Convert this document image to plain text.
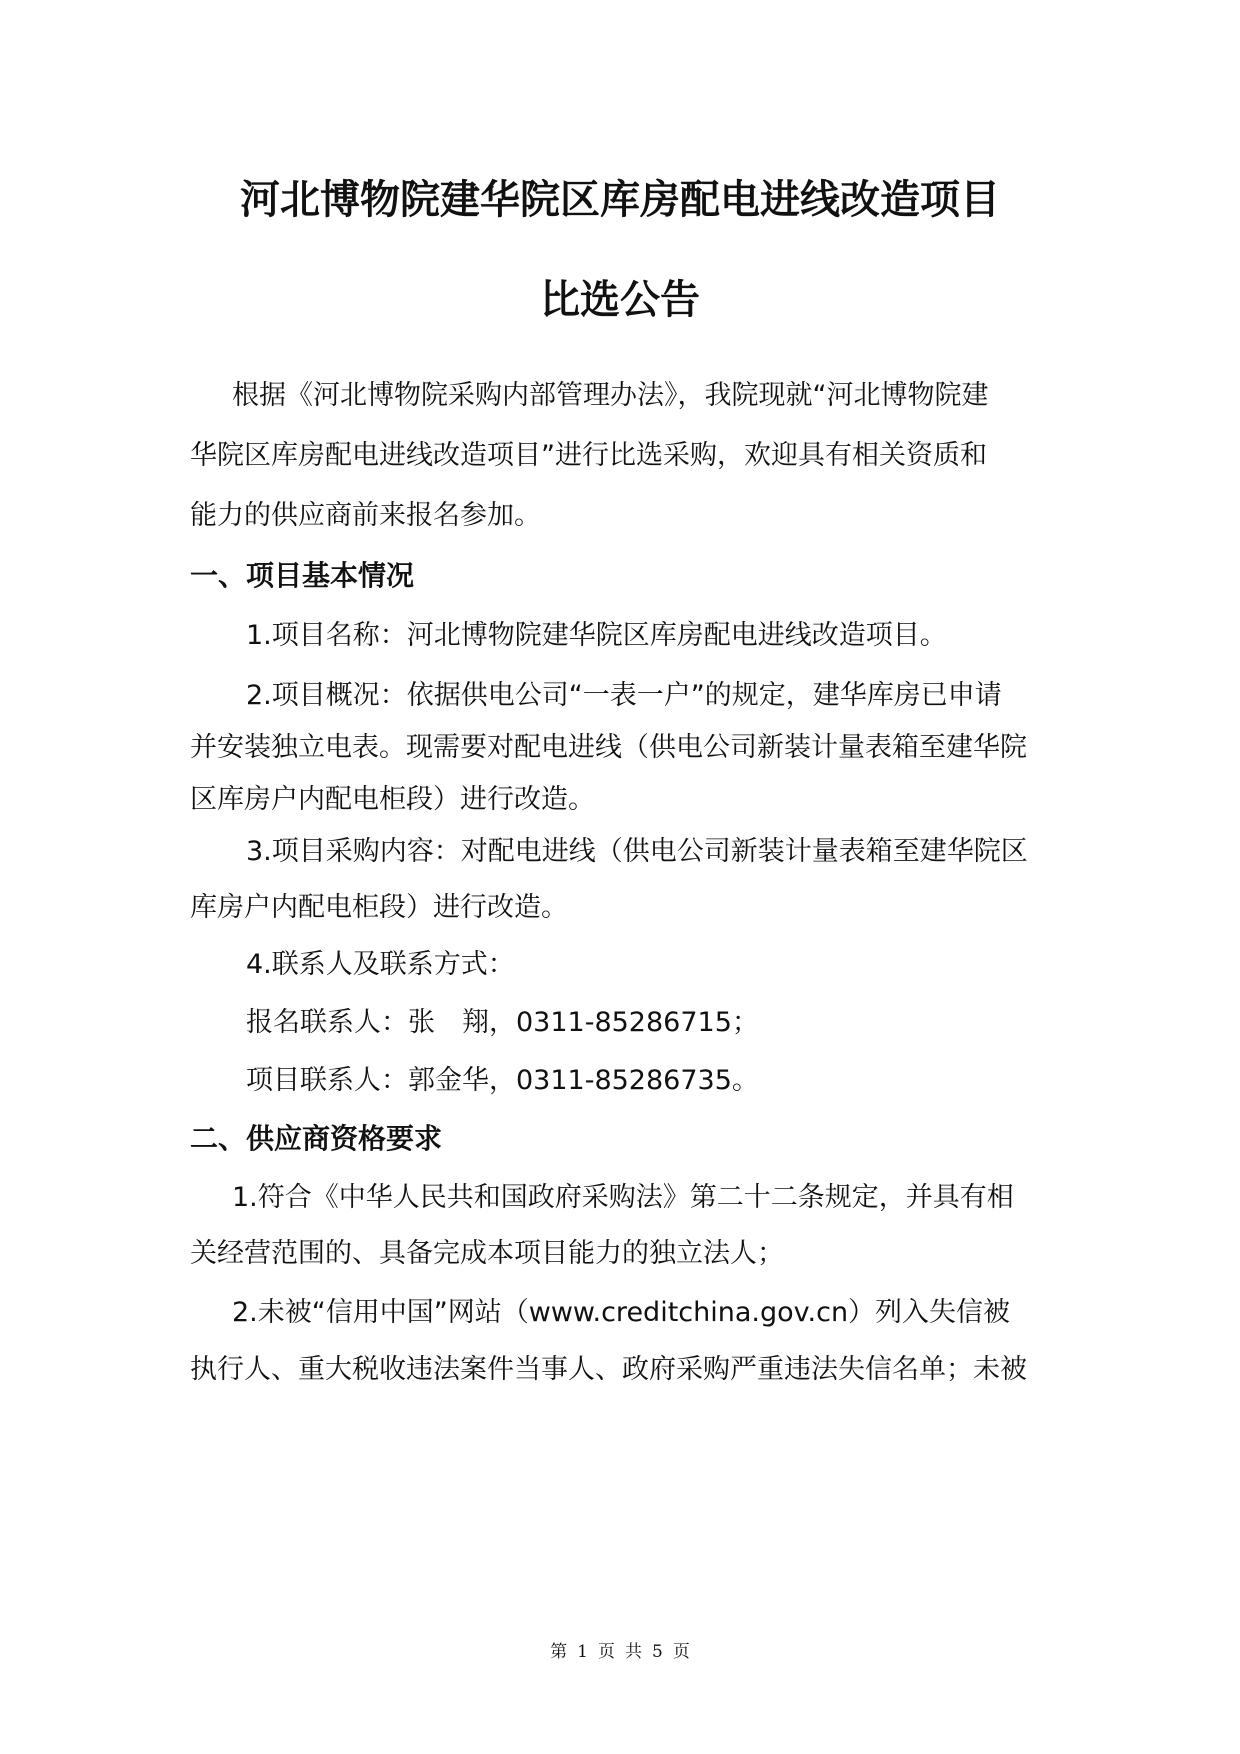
河北博物院建华院区库房配电进线改造项目
比选公告
根据《河北博物院采购内部管理办法》，我院现就“河北博物院建
华院区库房配电进线改造项目”进行比选采购，欢迎具有相关资质和
能力的供应商前来报名参加。
一、项目基本情况
1.项目名称：河北博物院建华院区库房配电进线改造项目。
2.项目概况：依据供电公司“一表一户”的规定，建华库房已申请
并安装独立电表。现需要对配电进线（供电公司新装计量表箱至建华院
区库房户内配电柜段）进行改造。
3.项目采购内容：对配电进线（供电公司新装计量表箱至建华院区
库房户内配电柜段）进行改造。
4.联系人及联系方式：
报名联系人：张　翔，0311-85286715；
项目联系人：郭金华，0311-85286735。
二、供应商资格要求
1.符合《中华人民共和国政府采购法》第二十二条规定，并具有相
关经营范围的、具备完成本项目能力的独立法人；
2.未被“信用中国”网站（www.creditchina.gov.cn）列入失信被
执行人、重大税收违法案件当事人、政府采购严重违法失信名单；未被
第 1 页 共 5 页
